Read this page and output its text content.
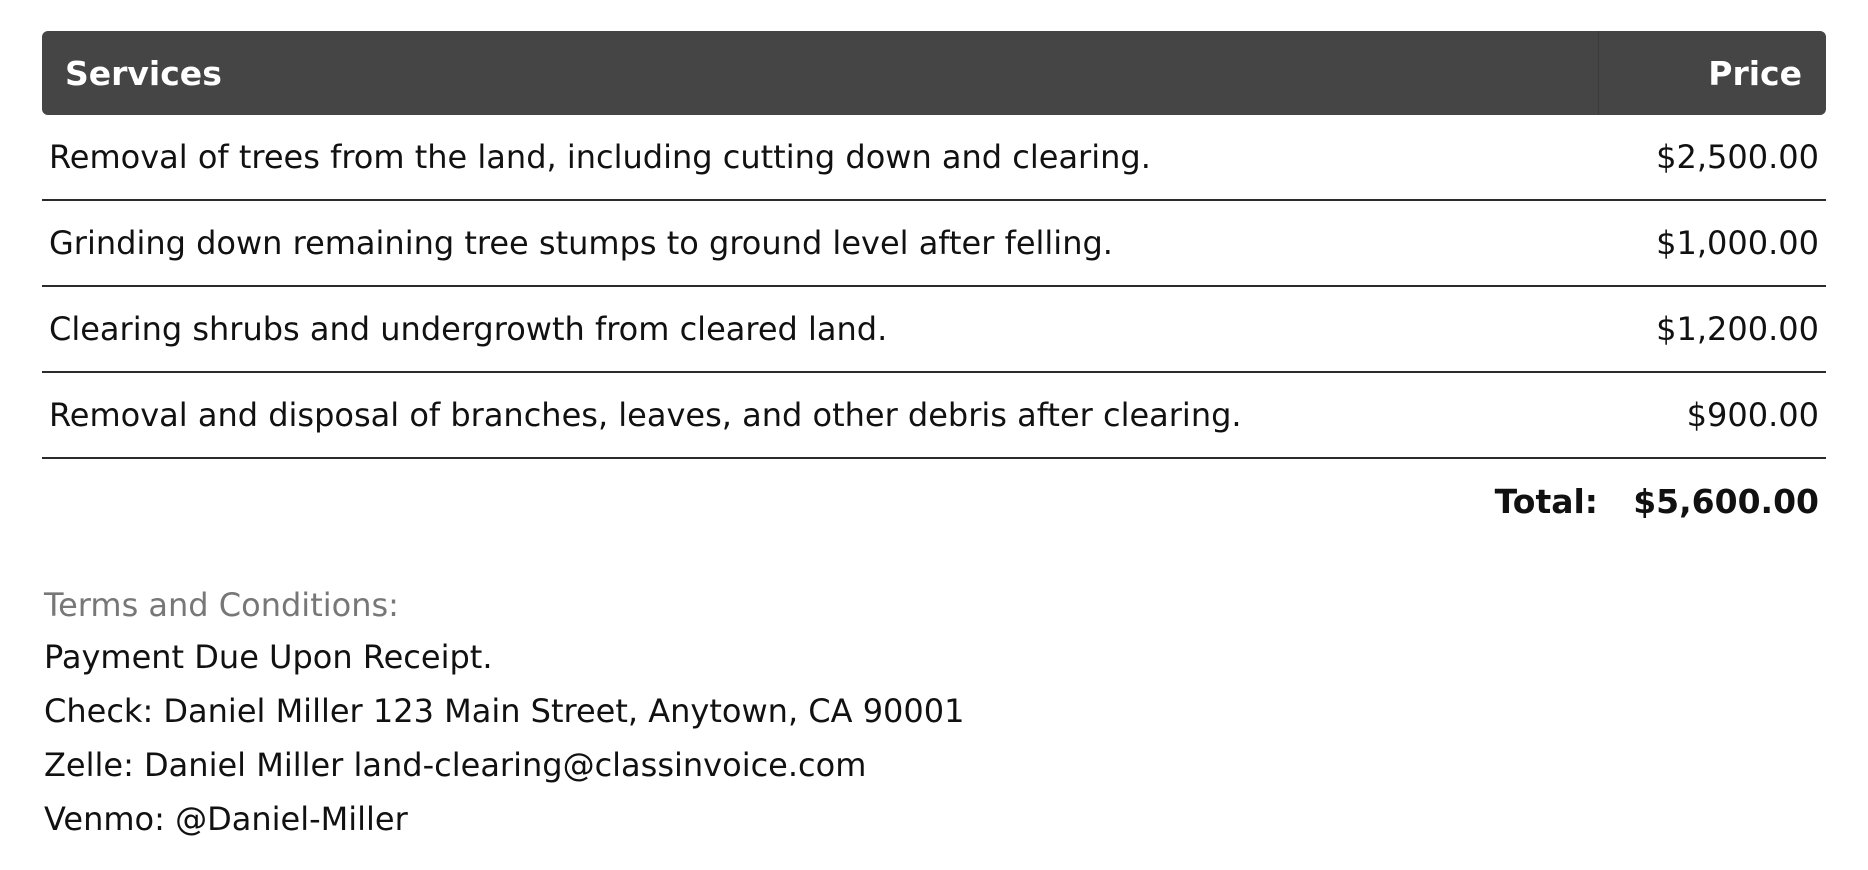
Services	Price
Removal of trees from the land, including cutting down and clearing.	$2,500.00
Grinding down remaining tree stumps to ground level after felling.	$1,000.00
Clearing shrubs and undergrowth from cleared land.	$1,200.00
Removal and disposal of branches, leaves, and other debris after clearing.	$900.00
Total:	$5,600.00
Terms and Conditions:
Payment Due Upon Receipt.
Check: Daniel Miller 123 Main Street, Anytown, CA 90001
Zelle: Daniel Miller land-clearing@classinvoice.com
Venmo: @Daniel-Miller
